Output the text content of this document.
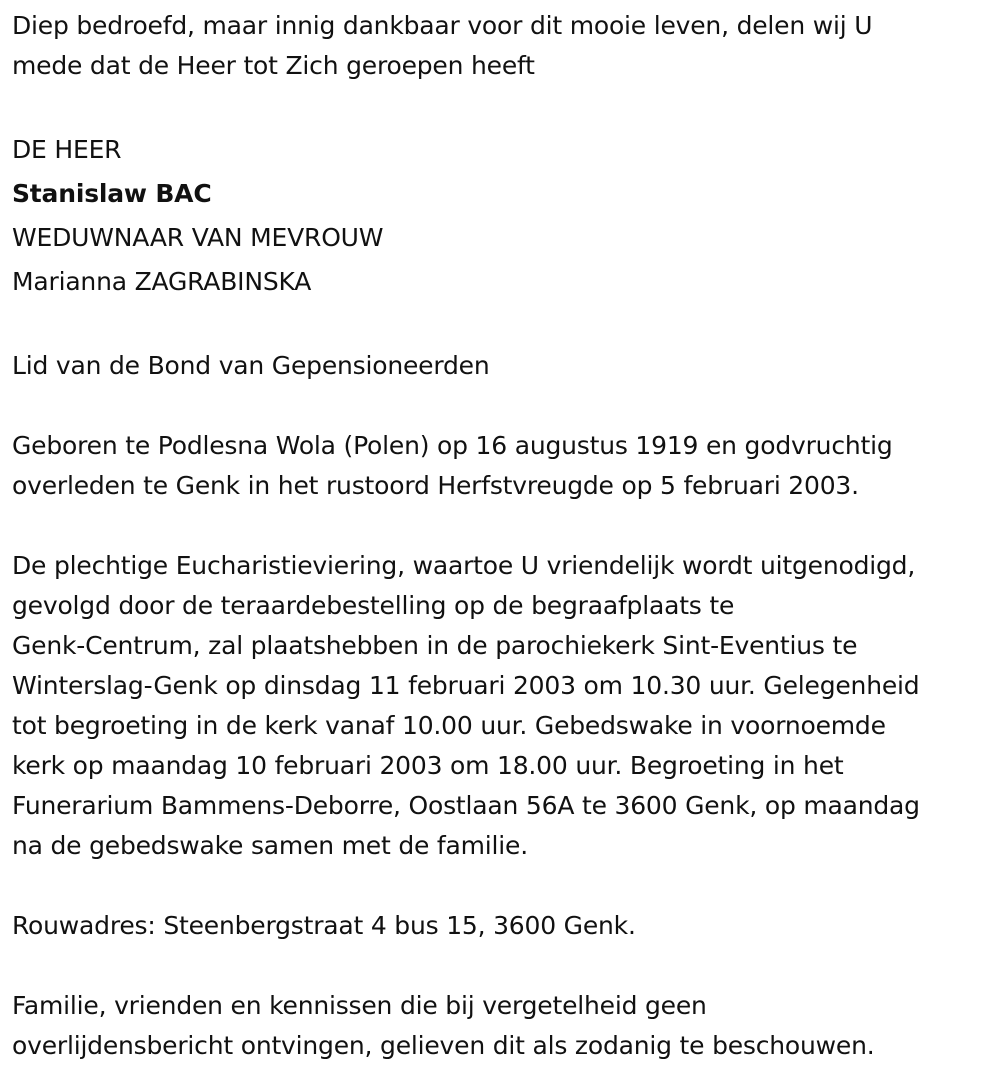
Diep bedroefd, maar innig dankbaar voor dit mooie leven, delen wij U
mede dat de Heer tot Zich geroepen heeft

DE HEER
Stanislaw BAC
WEDUWNAAR VAN MEVROUW
Marianna ZAGRABINSKA

Lid van de Bond van Gepensioneerden

Geboren te Podlesna Wola (Polen) op 16 augustus 1919 en godvruchtig
overleden te Genk in het rustoord Herfstvreugde op 5 februari 2003.

De plechtige Eucharistieviering, waartoe U vriendelijk wordt uitgenodigd,
gevolgd door de teraardebestelling op de begraafplaats te
Genk-Centrum, zal plaatshebben in de parochiekerk Sint-Eventius te
Winterslag-Genk op dinsdag 11 februari 2003 om 10.30 uur. Gelegenheid
tot begroeting in de kerk vanaf 10.00 uur. Gebedswake in voornoemde
kerk op maandag 10 februari 2003 om 18.00 uur. Begroeting in het
Funerarium Bammens-Deborre, Oostlaan 56A te 3600 Genk, op maandag
na de gebedswake samen met de familie.

Rouwadres: Steenbergstraat 4 bus 15, 3600 Genk.

Familie, vrienden en kennissen die bij vergetelheid geen
overlijdensbericht ontvingen, gelieven dit als zodanig te beschouwen.
